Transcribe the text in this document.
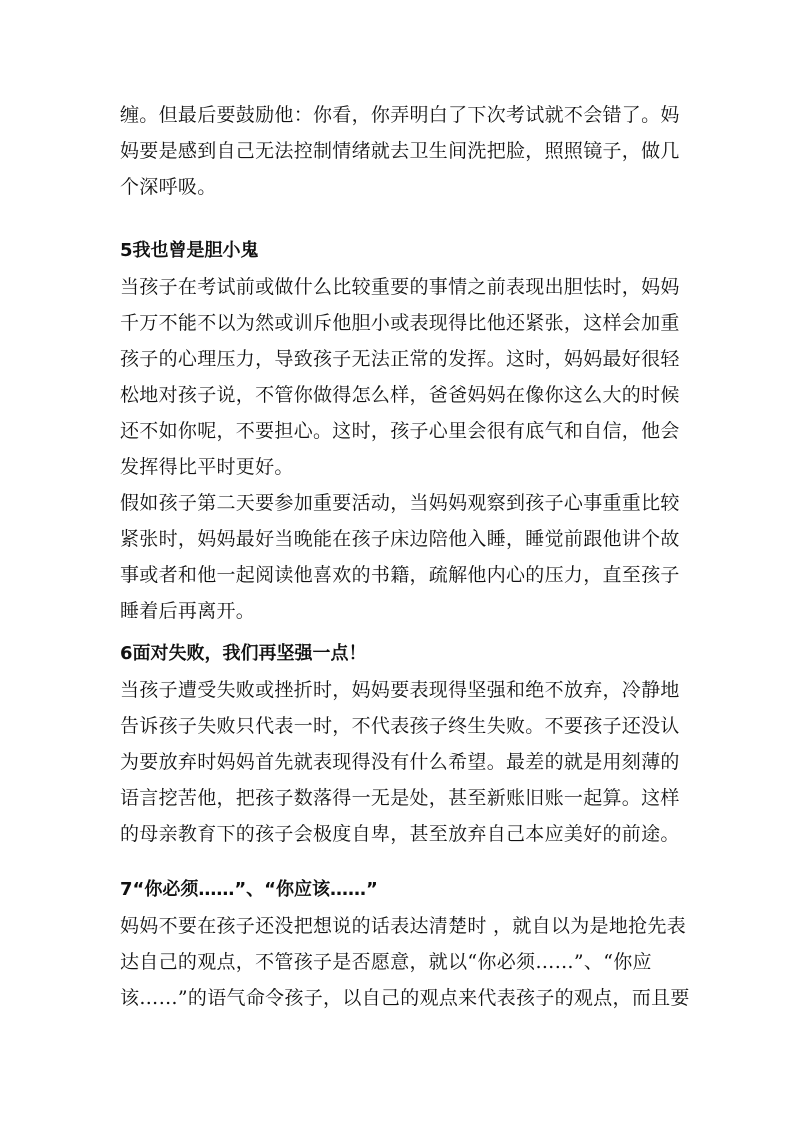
缠。但最后要鼓励他：你看，你弄明白了下次考试就不会错了。妈妈要是感到自己无法控制情绪就去卫生间洗把脸，照照镜子，做几个深呼吸。

5我也曾是胆小鬼

当孩子在考试前或做什么比较重要的事情之前表现出胆怯时，妈妈千万不能不以为然或训斥他胆小或表现得比他还紧张，这样会加重孩子的心理压力，导致孩子无法正常的发挥。这时，妈妈最好很轻松地对孩子说，不管你做得怎么样，爸爸妈妈在像你这么大的时候还不如你呢，不要担心。这时，孩子心里会很有底气和自信，他会发挥得比平时更好。

假如孩子第二天要参加重要活动，当妈妈观察到孩子心事重重比较紧张时，妈妈最好当晚能在孩子床边陪他入睡，睡觉前跟他讲个故事或者和他一起阅读他喜欢的书籍，疏解他内心的压力，直至孩子睡着后再离开。

6面对失败，我们再坚强一点！

当孩子遭受失败或挫折时，妈妈要表现得坚强和绝不放弃，冷静地告诉孩子失败只代表一时，不代表孩子终生失败。不要孩子还没认为要放弃时妈妈首先就表现得没有什么希望。最差的就是用刻薄的语言挖苦他，把孩子数落得一无是处，甚至新账旧账一起算。这样的母亲教育下的孩子会极度自卑，甚至放弃自己本应美好的前途。

7“你必须……”、“你应该……”

妈妈不要在孩子还没把想说的话表达清楚时 ，就自以为是地抢先表达自己的观点，不管孩子是否愿意，就以“你必须……”、“你应该……”的语气命令孩子，以自己的观点来代表孩子的观点，而且要
